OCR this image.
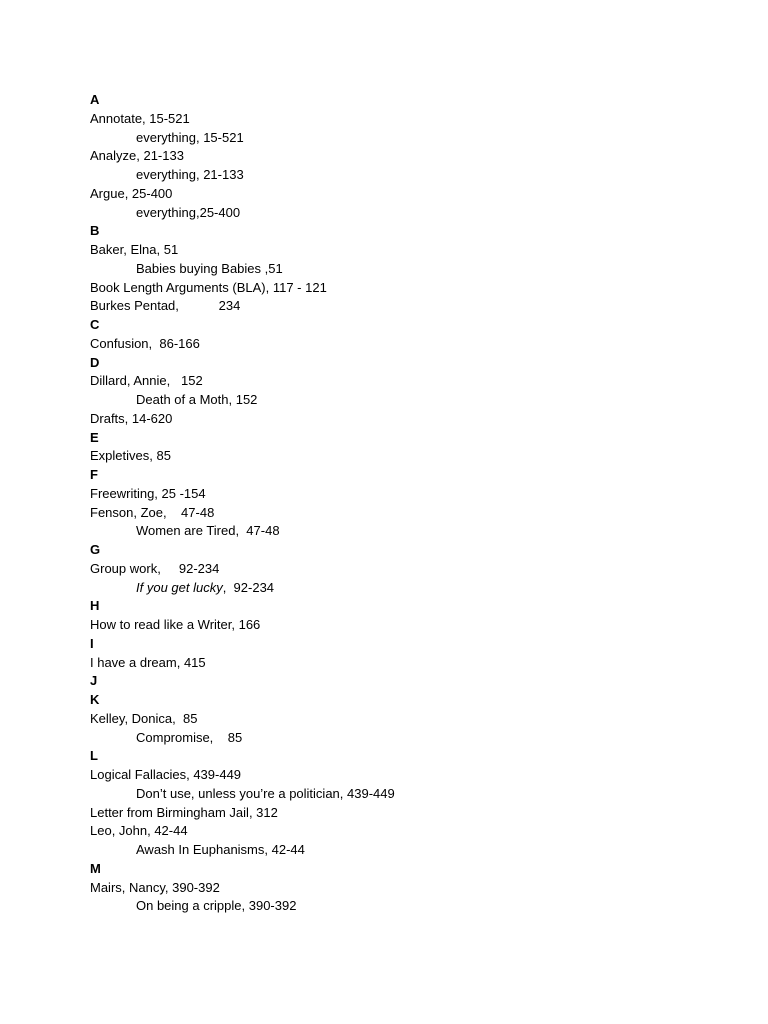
A
Annotate, 15-521
everything, 15-521
Analyze, 21-133
everything, 21-133
Argue, 25-400
everything,25-400
B
Baker, Elna, 51
Babies buying Babies ,51
Book Length Arguments (BLA), 117 - 121
Burkes Pentad,           234
C
Confusion,  86-166
D
Dillard, Annie,   152
Death of a Moth, 152
Drafts, 14-620
E
Expletives, 85
F
Freewriting, 25 -154
Fenson, Zoe,    47-48
Women are Tired,  47-48
G
Group work,     92-234
If you get lucky,  92-234
H
How to read like a Writer, 166
I
I have a dream, 415
J
K
Kelley, Donica,  85
Compromise,    85
L
Logical Fallacies, 439-449
Don’t use, unless you’re a politician, 439-449
Letter from Birmingham Jail, 312
Leo, John, 42-44
Awash In Euphanisms, 42-44
M
Mairs, Nancy, 390-392
On being a cripple, 390-392
